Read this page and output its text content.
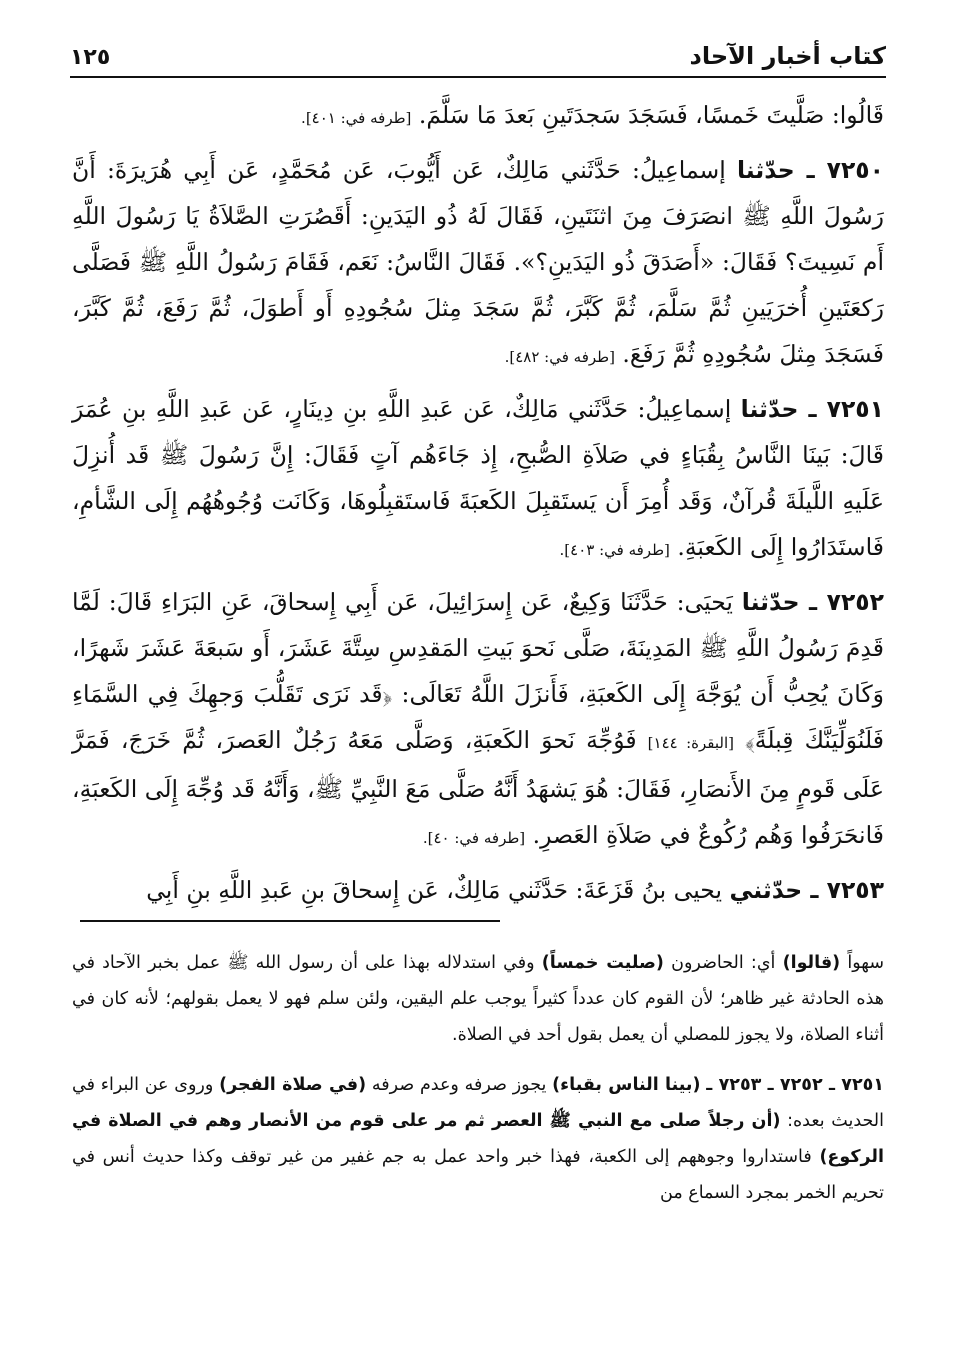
كتاب أخبار الآحاد
١٢٥

قَالُوا: صَلَّيتَ خَمسًا، فَسَجَدَ سَجدَتَينِ بَعدَ مَا سَلَّمَ. [طرفه في: ٤٠١].

٧٢٥٠ ـ حدّثنا إسماعِيلُ: حَدَّثَني مَالِكٌ، عَن أَيُّوبَ، عَن مُحَمَّدٍ، عَن أَبِي هُرَيرَةَ: أَنَّ رَسُولَ اللَّهِ ﷺ انصَرَفَ مِنَ اثنَتَينِ، فَقَالَ لَهُ ذُو اليَدَينِ: أَقَصُرَتِ الصَّلاَةُ يَا رَسُولَ اللَّهِ أَم نَسِيتَ؟ فَقَالَ: «أَصَدَقَ ذُو اليَدَينِ؟». فَقَالَ النَّاسُ: نَعَم، فَقَامَ رَسُولُ اللَّهِ ﷺ فَصَلَّى رَكعَتَينِ أُخرَيَينِ ثُمَّ سَلَّمَ، ثُمَّ كَبَّرَ، ثُمَّ سَجَدَ مِثلَ سُجُودِهِ أَو أَطوَلَ، ثُمَّ رَفَعَ، ثُمَّ كَبَّرَ، فَسَجَدَ مِثلَ سُجُودِهِ ثُمَّ رَفَعَ. [طرفه في: ٤٨٢].

٧٢٥١ ـ حدّثنا إسماعِيلُ: حَدَّثَني مَالِكٌ، عَن عَبدِ اللَّهِ بنِ دِينَارٍ، عَن عَبدِ اللَّهِ بنِ عُمَرَ قَالَ: بَينَا النَّاسُ بِقُبَاءٍ في صَلاَةِ الصُّبحِ، إِذ جَاءَهُم آتٍ فَقَالَ: إِنَّ رَسُولَ ﷺ قَد أُنزِلَ عَلَيهِ اللَّيلَةَ قُرآنٌ، وَقَد أُمِرَ أَن يَستَقبِلَ الكَعبَةَ فَاستَقبِلُوهَا، وَكَانَت وُجُوهُهُم إِلَى الشَّأمِ، فَاستَدَارُوا إِلَى الكَعبَةِ. [طرفه في: ٤٠٣].

٧٢٥٢ ـ حدّثنا يَحيَى: حَدَّثَنَا وَكِيعٌ، عَن إِسرَائِيلَ، عَن أَبِي إِسحاقَ، عَنِ البَرَاءِ قَالَ: لَمَّا قَدِمَ رَسُولُ اللَّهِ ﷺ المَدِينَةَ، صَلَّى نَحوَ بَيتِ المَقدِسِ سِتَّةَ عَشَرَ، أَو سَبعَةَ عَشَرَ شَهرًا، وَكَانَ يُحِبُّ أَن يُوَجَّهَ إِلَى الكَعبَةِ، فَأَنزَلَ اللَّهُ تَعَالَى: ﴿قَد نَرَى تَقَلُّبَ وَجهِكَ فِي السَّمَاءِ فَلَنُوَلِّيَنَّكَ قِبلَةً﴾ [البقرة: ١٤٤] فَوُجِّهَ نَحوَ الكَعبَةِ، وَصَلَّى مَعَهُ رَجُلٌ العَصرَ، ثُمَّ خَرَجَ، فَمَرَّ عَلَى قَومٍ مِنَ الأَنصَارِ، فَقَالَ: هُوَ يَشهَدُ أَنَّهُ صَلَّى مَعَ النَّبِيِّ ﷺ، وَأَنَّهُ قَد وُجِّهَ إِلَى الكَعبَةِ، فَانحَرَفُوا وَهُم رُكُوعٌ في صَلاَةِ العَصرِ. [طرفه في: ٤٠].

٧٢٥٣ ـ حدّثني يحيى بنُ قَزَعَةَ: حَدَّثَني مَالِكٌ، عَن إِسحاقَ بنِ عَبدِ اللَّهِ بنِ أَبِي

سهواً (قالوا) أي: الحاضرون (صليت خمساً) وفي استدلاله بهذا على أن رسول الله ﷺ عمل بخبر الآحاد في هذه الحادثة غير ظاهر؛ لأن القوم كان عدداً كثيراً يوجب علم اليقين، ولئن سلم فهو لا يعمل بقولهم؛ لأنه كان في أثناء الصلاة، ولا يجوز للمصلي أن يعمل بقول أحد في الصلاة.

٧٢٥١ ـ ٧٢٥٢ ـ ٧٢٥٣ ـ (بينا الناس بقباء) يجوز صرفه وعدم صرفه (في صلاة الفجر) وروى عن البراء في الحديث بعده: (أن رجلاً صلى مع النبي ﷺ العصر ثم مر على قوم من الأنصار وهم في الصلاة في الركوع) فاستداروا وجوههم إلى الكعبة، فهذا خبر واحد عمل به جم غفير من غير توقف وكذا حديث أنس في تحريم الخمر بمجرد السماع من
